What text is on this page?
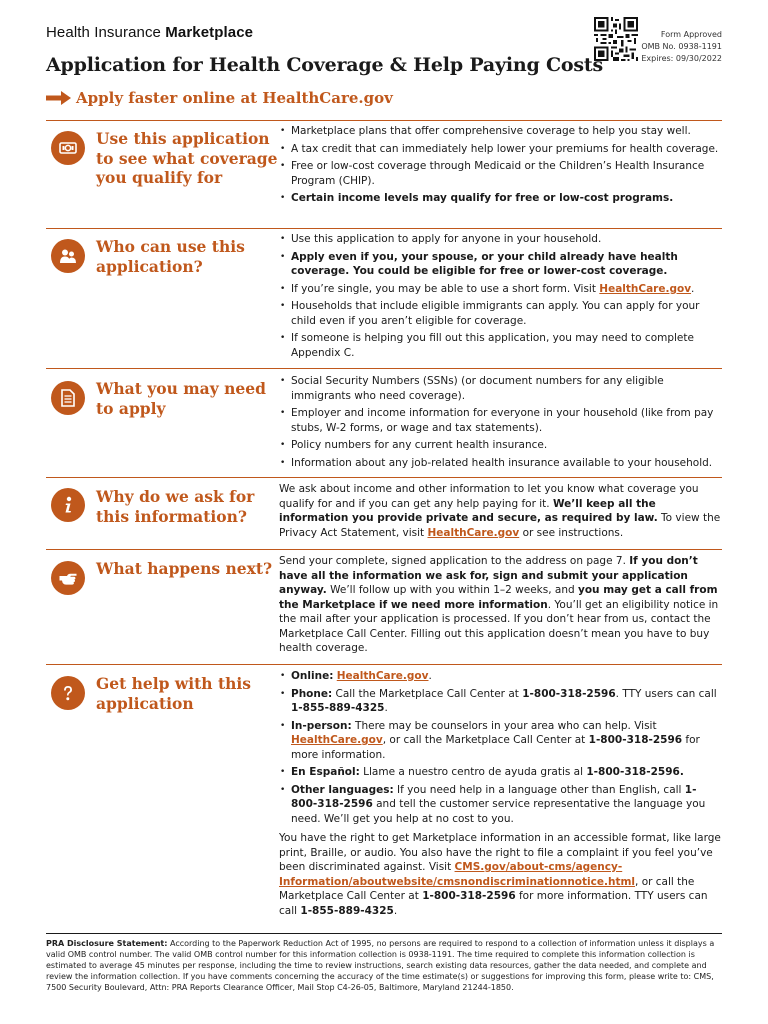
Health Insurance Marketplace	Form Approved
OMB No. 0938-1191
Expires: 09/30/2022
Application for Health Coverage & Help Paying Costs
Apply faster online at HealthCare.gov
Use this application to see what coverage you qualify for
• Marketplace plans that offer comprehensive coverage to help you stay well.
• A tax credit that can immediately help lower your premiums for health coverage.
• Free or low-cost coverage through Medicaid or the Children’s Health Insurance Program (CHIP).
• Certain income levels may qualify for free or low-cost programs.
Who can use this application?
• Use this application to apply for anyone in your household.
• Apply even if you, your spouse, or your child already have health coverage. You could be eligible for free or lower-cost coverage.
• If you’re single, you may be able to use a short form. Visit HealthCare.gov.
• Households that include eligible immigrants can apply. You can apply for your child even if you aren’t eligible for coverage.
• If someone is helping you fill out this application, you may need to complete Appendix C.
What you may need to apply
• Social Security Numbers (SSNs) (or document numbers for any eligible immigrants who need coverage).
• Employer and income information for everyone in your household (like from pay stubs, W-2 forms, or wage and tax statements).
• Policy numbers for any current health insurance.
• Information about any job-related health insurance available to your household.
Why do we ask for this information?

We ask about income and other information to let you know what coverage you qualify for and if you can get any help paying for it. We’ll keep all the information you provide private and secure, as required by law. To view the Privacy Act Statement, visit HealthCare.gov or see instructions.

What happens next? Send your complete, signed application to the address on page 7. If you don’t have all the information we ask for, sign and submit your application anyway. We’ll follow up with you within 1–2 weeks, and you may get a call from the Marketplace if we need more information. You’ll get an eligibility notice in the mail after your application is processed. If you don’t hear from us, contact the Marketplace Call Center. Filling out this application doesn’t mean you have to buy health coverage.

Get help with this application
• Online: HealthCare.gov.
• Phone: Call the Marketplace Call Center at 1-800-318-2596. TTY users can call 1-855-889-4325.
• In-person: There may be counselors in your area who can help. Visit HealthCare.gov, or call the Marketplace Call Center at 1-800-318-2596 for more information.
• En Español: Llame a nuestro centro de ayuda gratis al 1-800-318-2596.
• Other languages: If you need help in a language other than English, call 1-800-318-2596 and tell the customer service representative the language you need. We’ll get you help at no cost to you.

You have the right to get Marketplace information in an accessible format, like large print, Braille, or audio. You also have the right to file a complaint if you feel you’ve been discriminated against. Visit CMS.gov/about-cms/agency-Information/aboutwebsite/cmsnondiscriminationnotice.html, or call the Marketplace Call Center at 1-800-318-2596 for more information. TTY users can call 1-855-889-4325.

PRA Disclosure Statement: According to the Paperwork Reduction Act of 1995, no persons are required to respond to a collection of information unless it displays a valid OMB control number. The valid OMB control number for this information collection is 0938-1191. The time required to complete this information collection is estimated to average 45 minutes per response, including the time to review instructions, search existing data resources, gather the data needed, and complete and review the information collection. If you have comments concerning the accuracy of the time estimate(s) or suggestions for improving this form, please write to: CMS, 7500 Security Boulevard, Attn: PRA Reports Clearance Officer, Mail Stop C4-26-05, Baltimore, Maryland 21244-1850.
